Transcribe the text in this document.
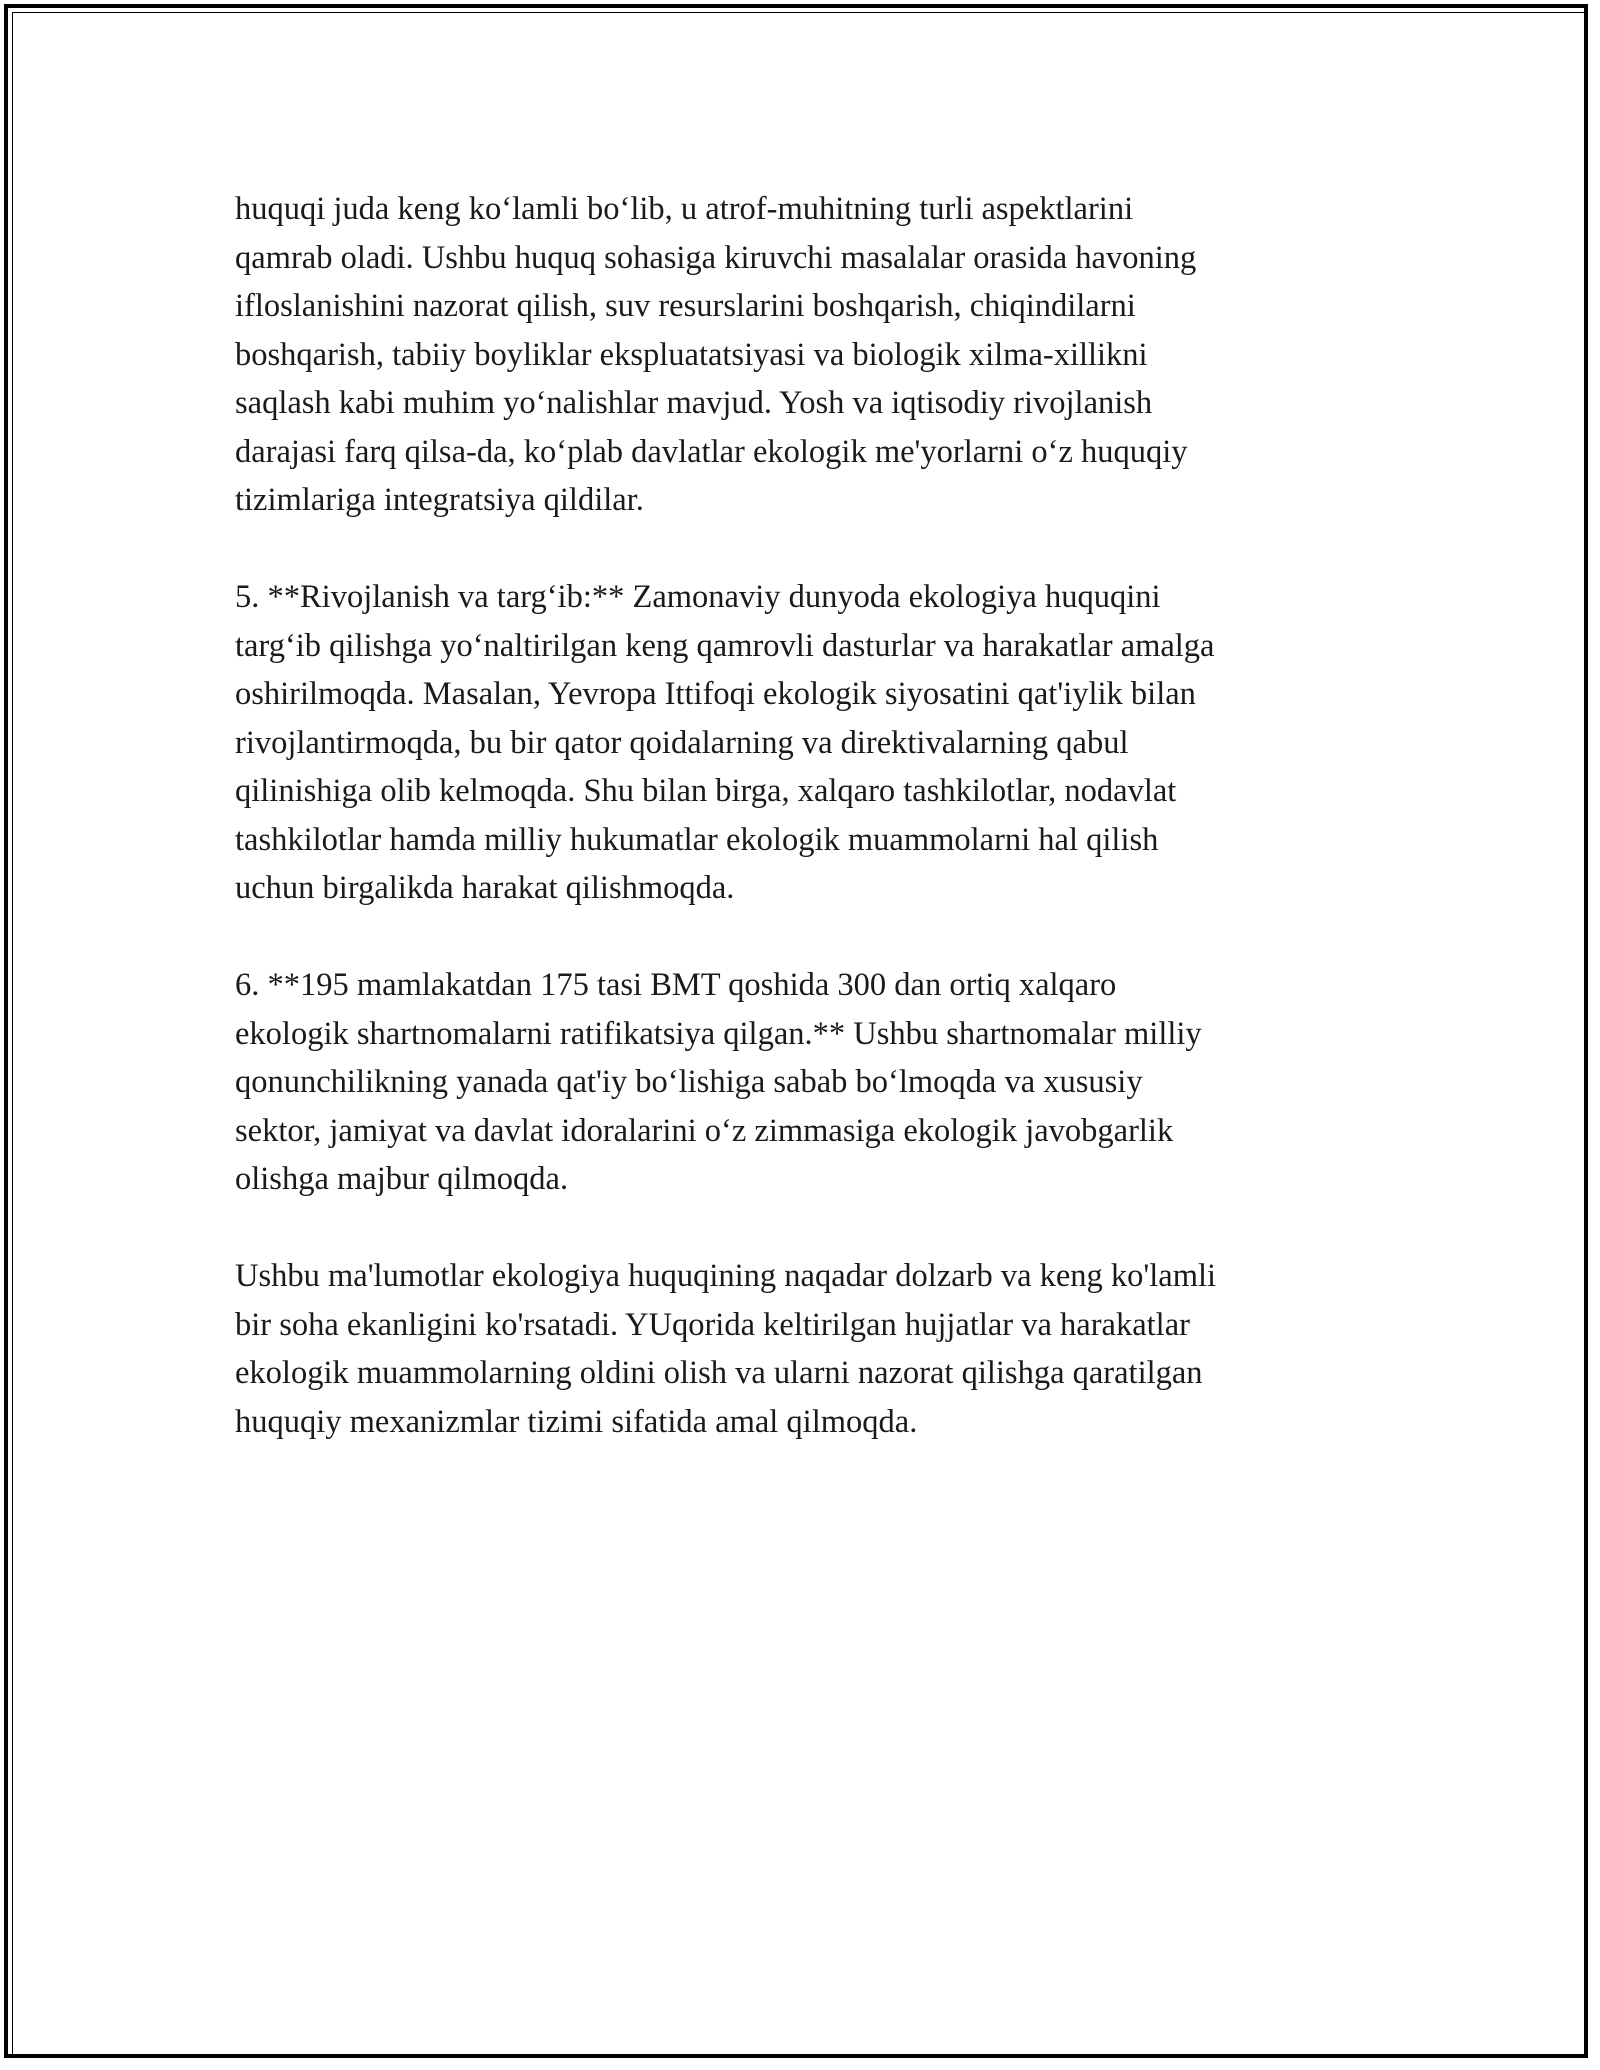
huquqi juda keng ko‘lamli bo‘lib, u atrof-muhitning turli aspektlarini
qamrab oladi. Ushbu huquq sohasiga kiruvchi masalalar orasida havoning
ifloslanishini nazorat qilish, suv resurslarini boshqarish, chiqindilarni
boshqarish, tabiiy boyliklar ekspluatatsiyasi va biologik xilma-xillikni
saqlash kabi muhim yo‘nalishlar mavjud. Yosh va iqtisodiy rivojlanish
darajasi farq qilsa-da, ko‘plab davlatlar ekologik me'yorlarni o‘z huquqiy
tizimlariga integratsiya qildilar.

5. **Rivojlanish va targ‘ib:** Zamonaviy dunyoda ekologiya huquqini
targ‘ib qilishga yo‘naltirilgan keng qamrovli dasturlar va harakatlar amalga
oshirilmoqda. Masalan, Yevropa Ittifoqi ekologik siyosatini qat'iylik bilan
rivojlantirmoqda, bu bir qator qoidalarning va direktivalarning qabul
qilinishiga olib kelmoqda. Shu bilan birga, xalqaro tashkilotlar, nodavlat
tashkilotlar hamda milliy hukumatlar ekologik muammolarni hal qilish
uchun birgalikda harakat qilishmoqda.

6. **195 mamlakatdan 175 tasi BMT qoshida 300 dan ortiq xalqaro
ekologik shartnomalarni ratifikatsiya qilgan.** Ushbu shartnomalar milliy
qonunchilikning yanada qat'iy bo‘lishiga sabab bo‘lmoqda va xususiy
sektor, jamiyat va davlat idoralarini o‘z zimmasiga ekologik javobgarlik
olishga majbur qilmoqda.

Ushbu ma'lumotlar ekologiya huquqining naqadar dolzarb va keng ko'lamli
bir soha ekanligini ko'rsatadi. YUqorida keltirilgan hujjatlar va harakatlar
ekologik muammolarning oldini olish va ularni nazorat qilishga qaratilgan
huquqiy mexanizmlar tizimi sifatida amal qilmoqda.
